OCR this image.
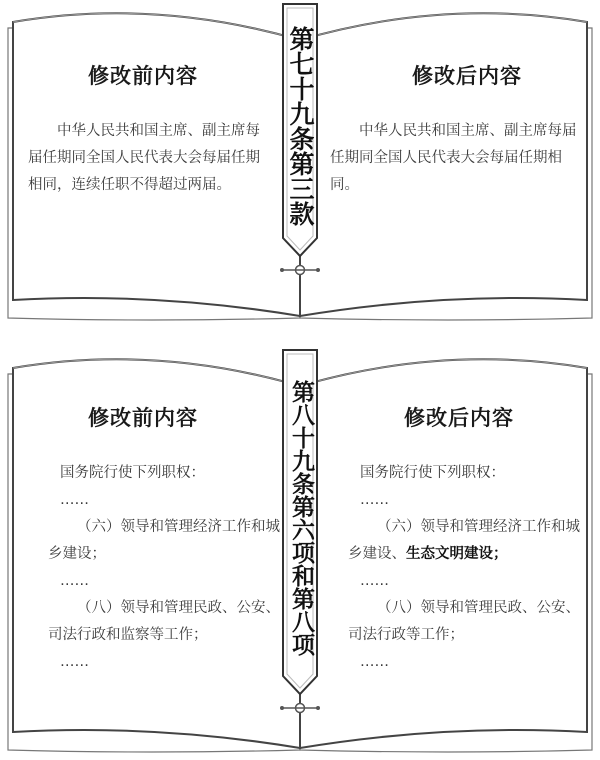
第七十九条第三款
修改前内容

中华人民共和国主席、副主席每届任期同全国人民代表大会每届任期相同，连续任职不得超过两届。

修改后内容

中华人民共和国主席、副主席每届任期同全国人民代表大会每届任期相同。

第八十九条第六项和第八项
修改前内容

国务院行使下列职权：

……

（六）领导和管理经济工作和城乡建设；

……

（八）领导和管理民政、公安、司法行政和监察等工作；

……

修改后内容

国务院行使下列职权：

……

（六）领导和管理经济工作和城乡建设、生态文明建设；

……

（八）领导和管理民政、公安、司法行政等工作；

……
